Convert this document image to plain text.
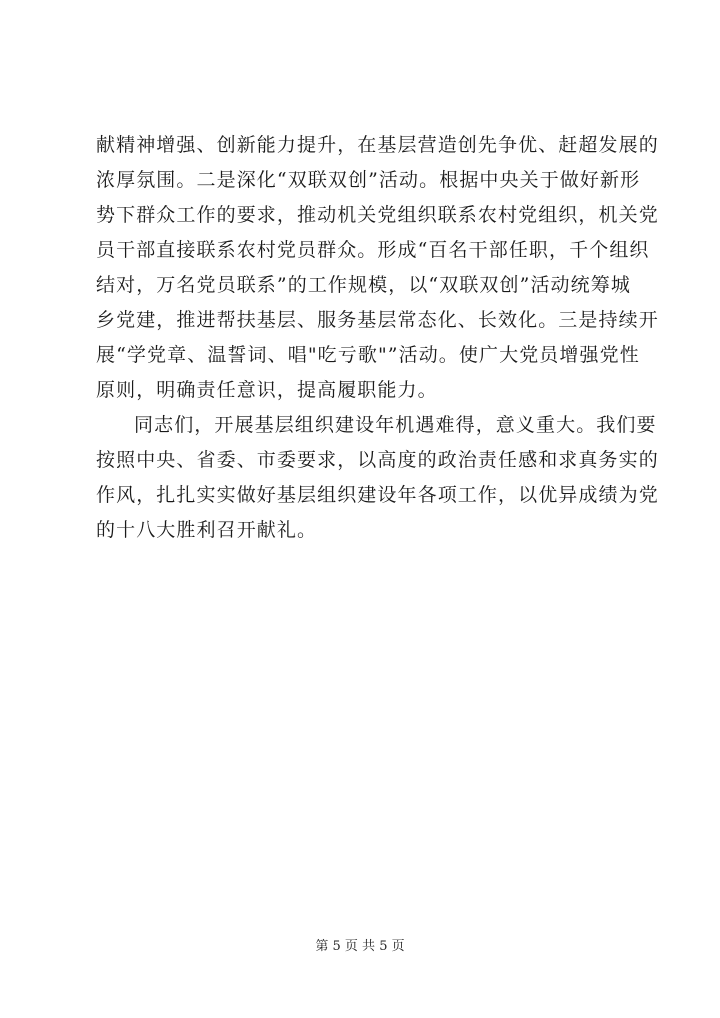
献精神增强、创新能力提升，在基层营造创先争优、赶超发展的
浓厚氛围。二是深化“双联双创”活动。根据中央关于做好新形
势下群众工作的要求，推动机关党组织联系农村党组织，机关党
员干部直接联系农村党员群众。形成“百名干部任职，千个组织
结对，万名党员联系”的工作规模，以“双联双创”活动统筹城
乡党建，推进帮扶基层、服务基层常态化、长效化。三是持续开
展“学党章、温誓词、唱"吃亏歌"”活动。使广大党员增强党性
原则，明确责任意识，提高履职能力。
同志们，开展基层组织建设年机遇难得，意义重大。我们要
按照中央、省委、市委要求，以高度的政治责任感和求真务实的
作风，扎扎实实做好基层组织建设年各项工作，以优异成绩为党
的十八大胜利召开献礼。
第 5 页 共 5 页
